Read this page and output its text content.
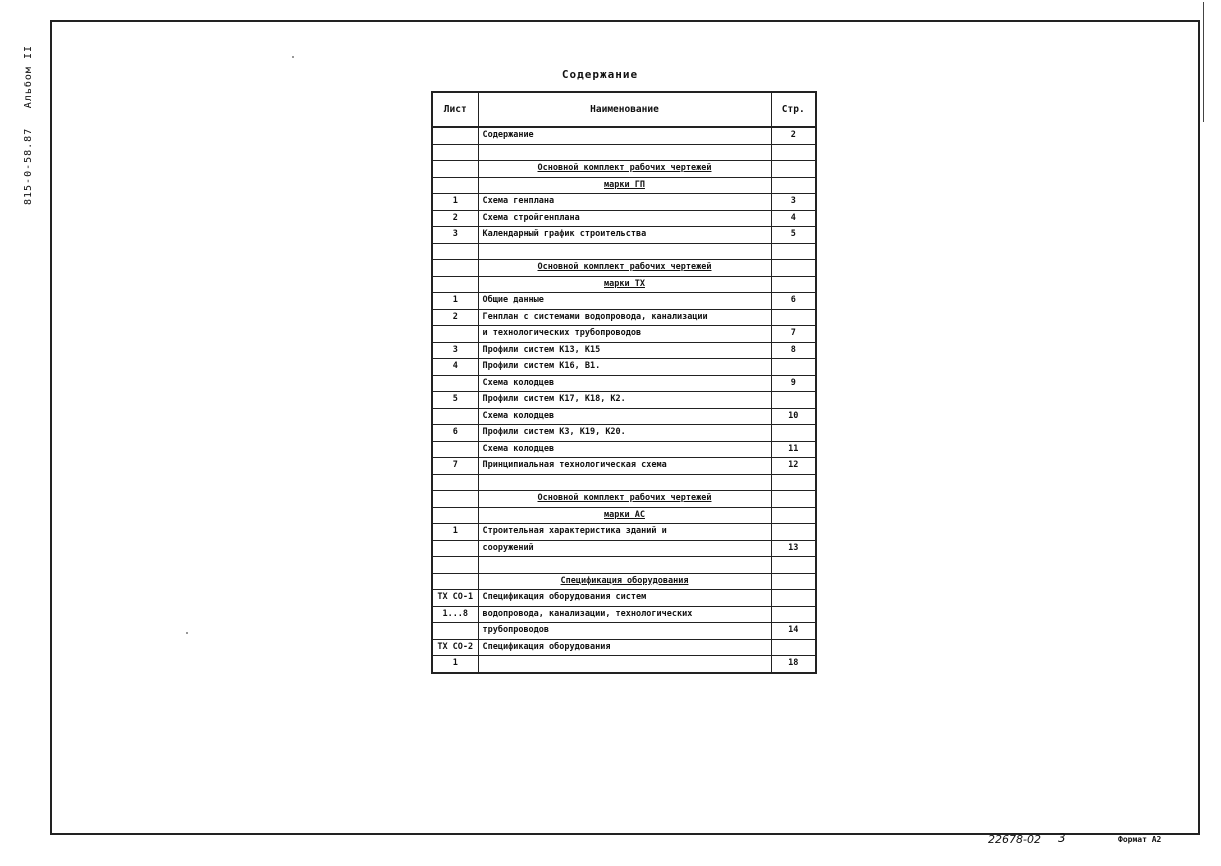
815-0-58.87
Альбом II	Содержание
Лист	Наименование	Стр.
	Содержание	2

	Основной комплект рабочих чертежей	
	марки ГП	
1	Схема генплана	3
2	Схема стройгенплана	4
3	Календарный график строительства	5

	Основной комплект рабочих чертежей	
	марки ТХ	
1	Общие данные	6
2	Генплан с системами водопровода, канализации	
	и технологических трубопроводов	7
3	Профили систем К13, К15	8
4	Профили систем К16, В1.	
	Схема колодцев	9
5	Профили систем К17, К18, К2.	
	Схема колодцев	10
6	Профили систем К3, К19, К20.	
	Схема колодцев	11
7	Принципиальная технологическая схема	12

	Основной комплект рабочих чертежей	
	марки АС	
1	Строительная характеристика зданий и	
	сооружений	13

	Спецификация оборудования	
ТХ СО-1	Спецификация оборудования систем	
1...8	водопровода, канализации, технологических	
	трубопроводов	14
ТХ СО-2	Спецификация оборудования	
1		18
22678-02 3	Формат А2
